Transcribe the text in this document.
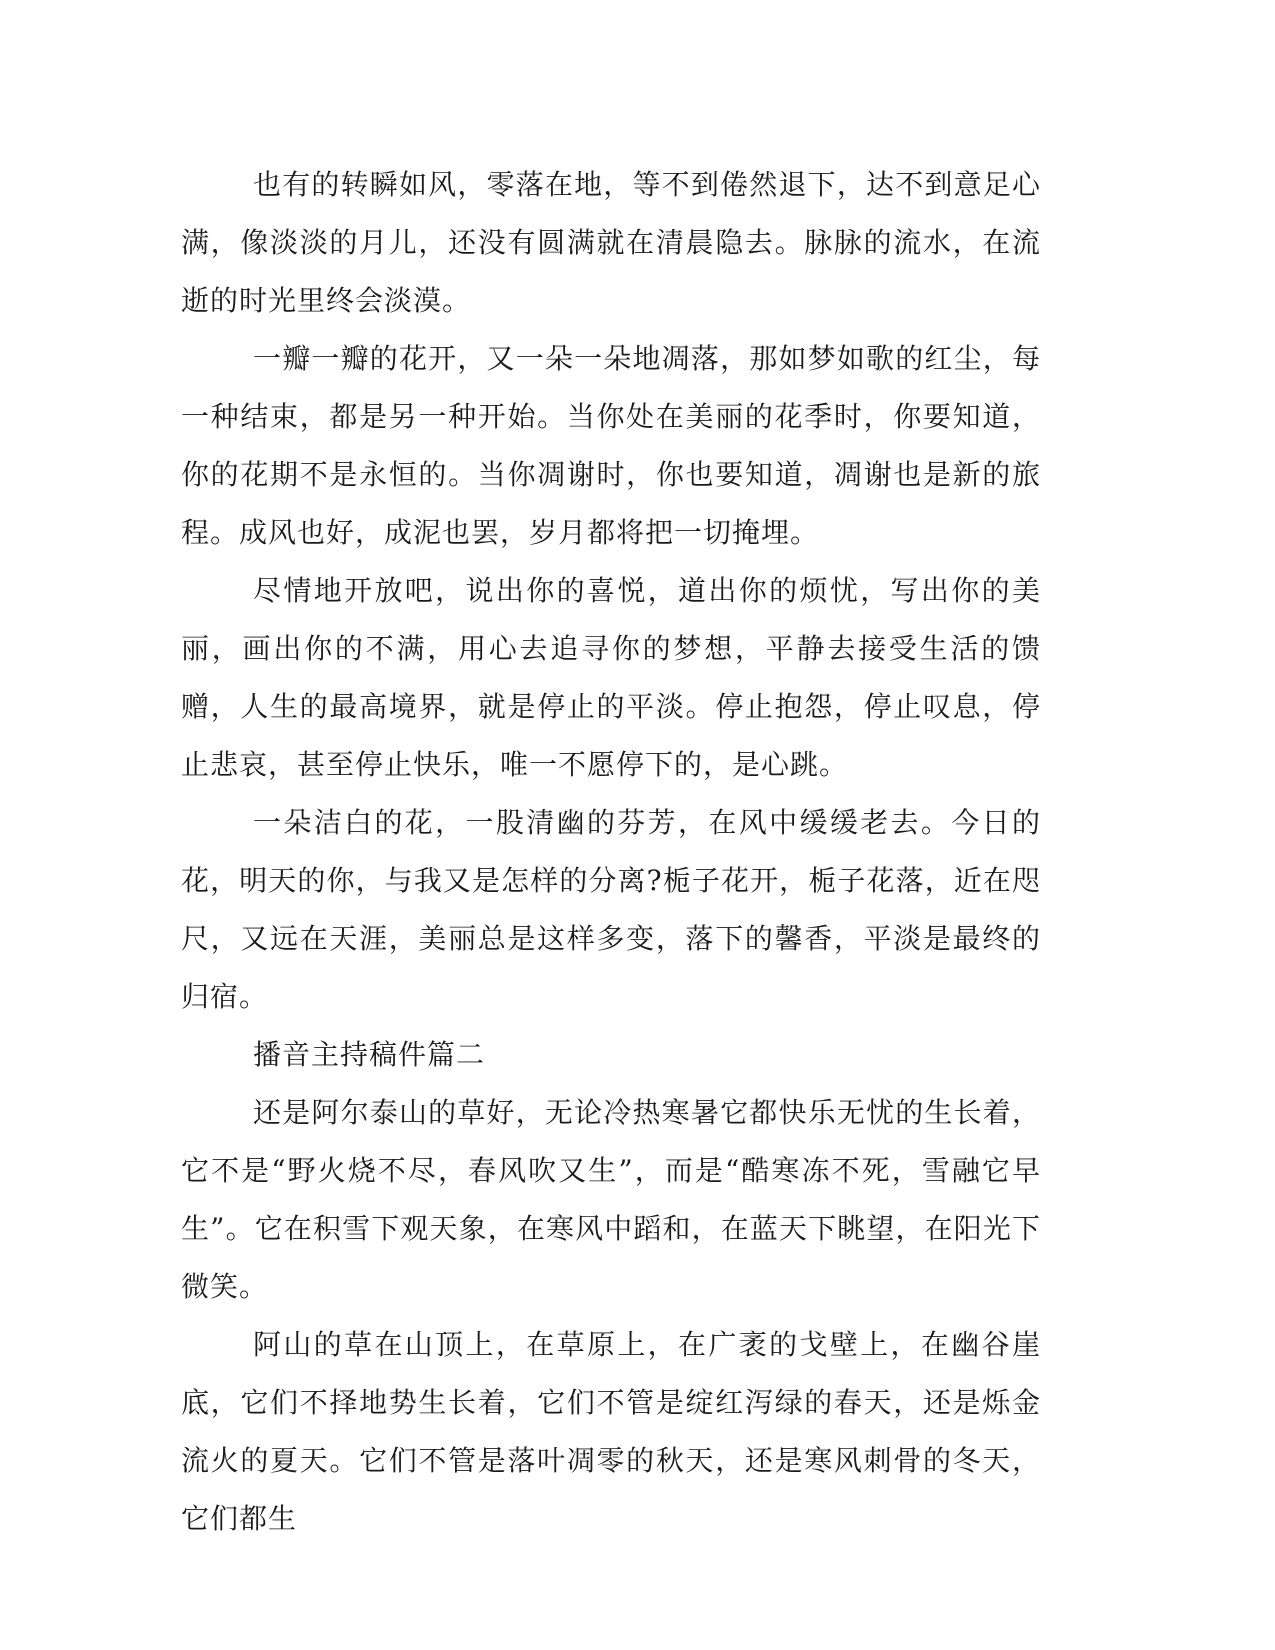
也有的转瞬如风，零落在地，等不到倦然退下，达不到意足心满，像淡淡的月儿，还没有圆满就在清晨隐去。脉脉的流水，在流逝的时光里终会淡漠。

一瓣一瓣的花开，又一朵一朵地凋落，那如梦如歌的红尘，每一种结束，都是另一种开始。当你处在美丽的花季时，你要知道，你的花期不是永恒的。当你凋谢时，你也要知道，凋谢也是新的旅程。成风也好，成泥也罢，岁月都将把一切掩埋。

尽情地开放吧，说出你的喜悦，道出你的烦忧，写出你的美丽，画出你的不满，用心去追寻你的梦想，平静去接受生活的馈赠，人生的最高境界，就是停止的平淡。停止抱怨，停止叹息，停止悲哀，甚至停止快乐，唯一不愿停下的，是心跳。

一朵洁白的花，一股清幽的芬芳，在风中缓缓老去。今日的花，明天的你，与我又是怎样的分离?栀子花开，栀子花落，近在咫尺，又远在天涯，美丽总是这样多变，落下的馨香，平淡是最终的归宿。

播音主持稿件篇二

还是阿尔泰山的草好，无论冷热寒暑它都快乐无忧的生长着，它不是“野火烧不尽，春风吹又生”，而是“酷寒冻不死，雪融它早生”。它在积雪下观天象，在寒风中蹈和，在蓝天下眺望，在阳光下微笑。

阿山的草在山顶上，在草原上，在广袤的戈壁上，在幽谷崖底，它们不择地势生长着，它们不管是绽红泻绿的春天，还是烁金流火的夏天。它们不管是落叶凋零的秋天，还是寒风刺骨的冬天，它们都生
